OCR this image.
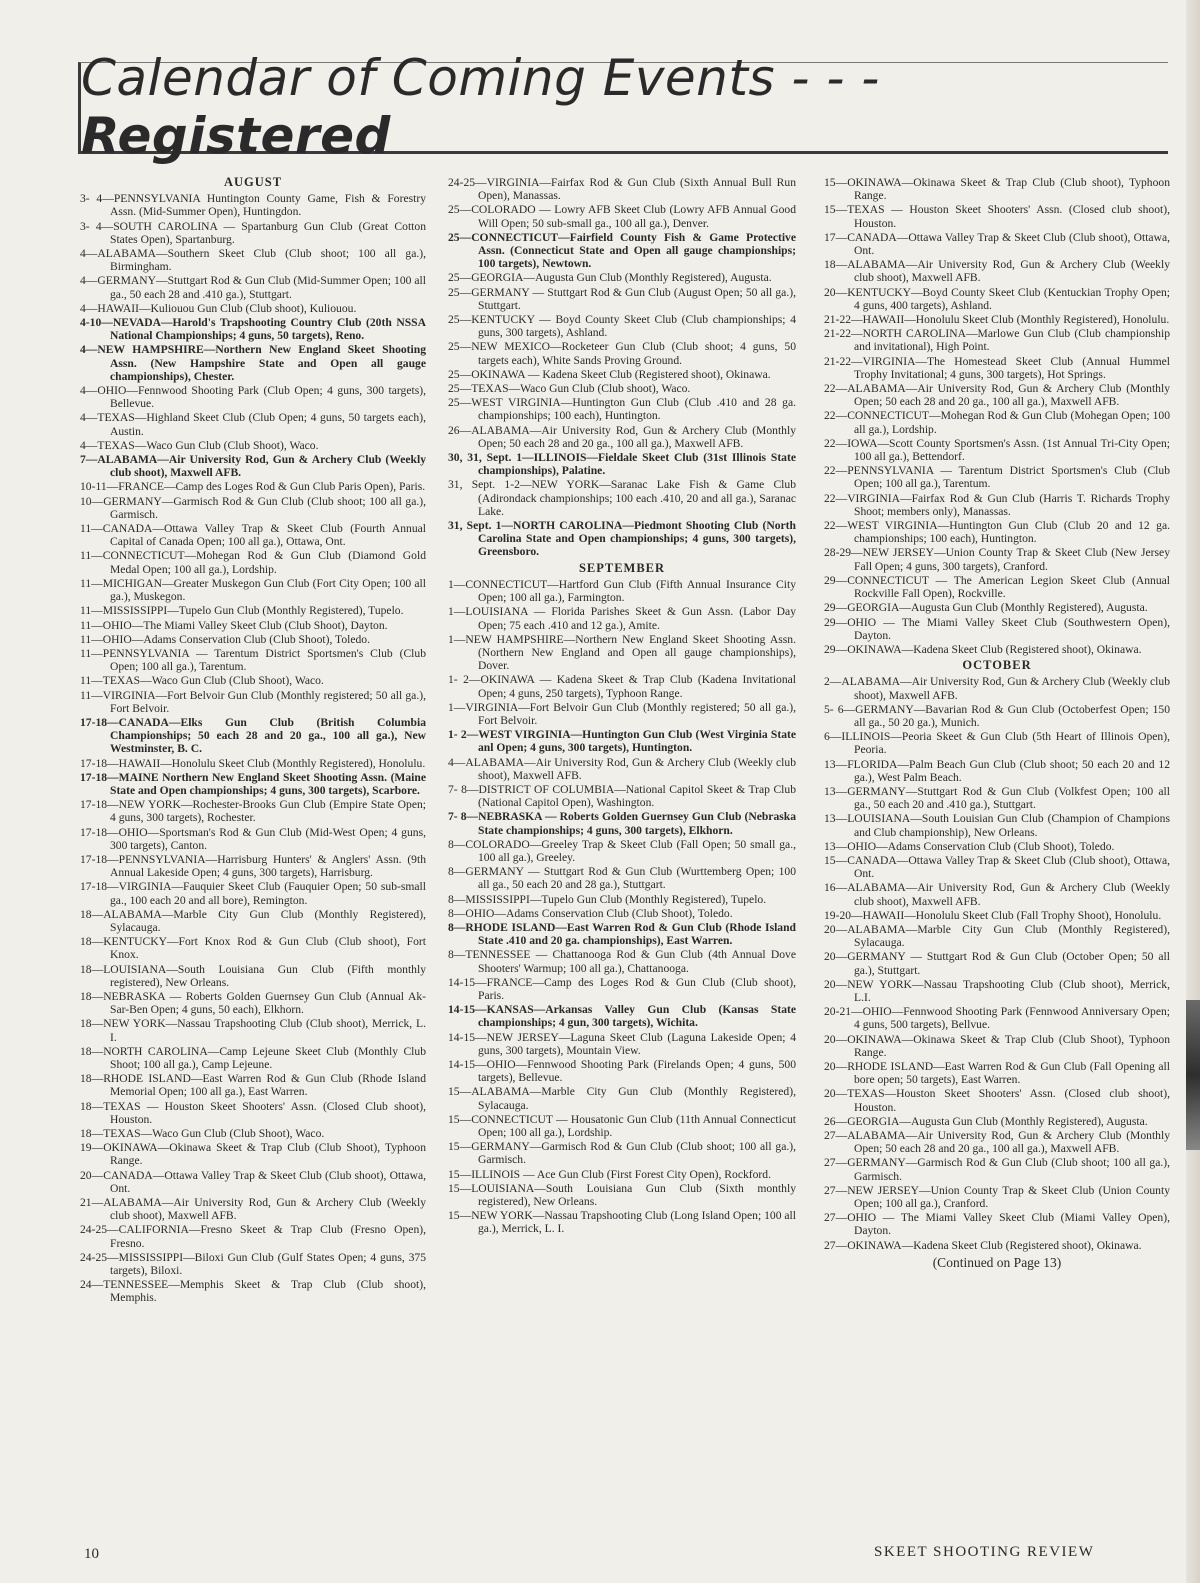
Calendar of Coming Events - - - Registered
AUGUST
3- 4—PENNSYLVANIA Huntington County Game, Fish & Forestry Assn. (Mid-Summer Open), Huntingdon.
3- 4—SOUTH CAROLINA — Spartanburg Gun Club (Great Cotton States Open), Spartanburg.
4—ALABAMA—Southern Skeet Club (Club shoot; 100 all ga.), Birmingham.
4—GERMANY—Stuttgart Rod & Gun Club (Mid-Summer Open; 100 all ga., 50 each 28 and .410 ga.), Stuttgart.
4—HAWAII—Kuliouou Gun Club (Club shoot), Kuliouou.
4-10—NEVADA—Harold's Trapshooting Country Club (20th NSSA National Championships; 4 guns, 50 targets), Reno.
4—NEW HAMPSHIRE—Northern New England Skeet Shooting Assn. (New Hampshire State and Open all gauge championships), Chester.
4—OHIO—Fennwood Shooting Park (Club Open; 4 guns, 300 targets), Bellevue.
4—TEXAS—Highland Skeet Club (Club Open; 4 guns, 50 targets each), Austin.
4—TEXAS—Waco Gun Club (Club Shoot), Waco.
7—ALABAMA—Air University Rod, Gun & Archery Club (Weekly club shoot), Maxwell AFB.
10-11—FRANCE—Camp des Loges Rod & Gun Club Paris Open), Paris.
10—GERMANY—Garmisch Rod & Gun Club (Club shoot; 100 all ga.), Garmisch.
11—CANADA—Ottawa Valley Trap & Skeet Club (Fourth Annual Capital of Canada Open; 100 all ga.), Ottawa, Ont.
11—CONNECTICUT—Mohegan Rod & Gun Club (Diamond Gold Medal Open; 100 all ga.), Lordship.
11—MICHIGAN—Greater Muskegon Gun Club (Fort City Open; 100 all ga.), Muskegon.
11—MISSISSIPPI—Tupelo Gun Club (Monthly Registered), Tupelo.
11—OHIO—The Miami Valley Skeet Club (Club Shoot), Dayton.
11—OHIO—Adams Conservation Club (Club Shoot), Toledo.
11—PENNSYLVANIA — Tarentum District Sportsmen's Club (Club Open; 100 all ga.), Tarentum.
11—TEXAS—Waco Gun Club (Club Shoot), Waco.
11—VIRGINIA—Fort Belvoir Gun Club (Monthly registered; 50 all ga.), Fort Belvoir.
17-18—CANADA—Elks Gun Club (British Columbia Championships; 50 each 28 and 20 ga., 100 all ga.), New Westminster, B. C.
17-18—HAWAII—Honolulu Skeet Club (Monthly Registered), Honolulu.
17-18—MAINE Northern New England Skeet Shooting Assn. (Maine State and Open championships; 4 guns, 300 targets), Scarbore.
17-18—NEW YORK—Rochester-Brooks Gun Club (Empire State Open; 4 guns, 300 targets), Rochester.
17-18—OHIO—Sportsman's Rod & Gun Club (Mid-West Open; 4 guns, 300 targets), Canton.
17-18—PENNSYLVANIA—Harrisburg Hunters' & Anglers' Assn. (9th Annual Lakeside Open; 4 guns, 300 targets), Harrisburg.
17-18—VIRGINIA—Fauquier Skeet Club (Fauquier Open; 50 sub-small ga., 100 each 20 and all bore), Remington.
18—ALABAMA—Marble City Gun Club (Monthly Registered), Sylacauga.
18—KENTUCKY—Fort Knox Rod & Gun Club (Club shoot), Fort Knox.
18—LOUISIANA—South Louisiana Gun Club (Fifth monthly registered), New Orleans.
18—NEBRASKA — Roberts Golden Guernsey Gun Club (Annual Ak-Sar-Ben Open; 4 guns, 50 each), Elkhorn.
18—NEW YORK—Nassau Trapshooting Club (Club shoot), Merrick, L. I.
18—NORTH CAROLINA—Camp Lejeune Skeet Club (Monthly Club Shoot; 100 all ga.), Camp Lejeune.
18—RHODE ISLAND—East Warren Rod & Gun Club (Rhode Island Memorial Open; 100 all ga.), East Warren.
18—TEXAS — Houston Skeet Shooters' Assn. (Closed Club shoot), Houston.
18—TEXAS—Waco Gun Club (Club Shoot), Waco.
19—OKINAWA—Okinawa Skeet & Trap Club (Club Shoot), Typhoon Range.
20—CANADA—Ottawa Valley Trap & Skeet Club (Club shoot), Ottawa, Ont.
21—ALABAMA—Air University Rod, Gun & Archery Club (Weekly club shoot), Maxwell AFB.
24-25—CALIFORNIA—Fresno Skeet & Trap Club (Fresno Open), Fresno.
24-25—MISSISSIPPI—Biloxi Gun Club (Gulf States Open; 4 guns, 375 targets), Biloxi.
24—TENNESSEE—Memphis Skeet & Trap Club (Club shoot), Memphis.
24-25—VIRGINIA—Fairfax Rod & Gun Club (Sixth Annual Bull Run Open), Manassas.
25—COLORADO — Lowry AFB Skeet Club (Lowry AFB Annual Good Will Open; 50 sub-small ga., 100 all ga.), Denver.
25—CONNECTICUT—Fairfield County Fish & Game Protective Assn. (Connecticut State and Open all gauge championships; 100 targets), Newtown.
25—GEORGIA—Augusta Gun Club (Monthly Registered), Augusta.
25—GERMANY — Stuttgart Rod & Gun Club (August Open; 50 all ga.), Stuttgart.
25—KENTUCKY — Boyd County Skeet Club (Club championships; 4 guns, 300 targets), Ashland.
25—NEW MEXICO—Rocketeer Gun Club (Club shoot; 4 guns, 50 targets each), White Sands Proving Ground.
25—OKINAWA — Kadena Skeet Club (Registered shoot), Okinawa.
25—TEXAS—Waco Gun Club (Club shoot), Waco.
25—WEST VIRGINIA—Huntington Gun Club (Club .410 and 28 ga. championships; 100 each), Huntington.
26—ALABAMA—Air University Rod, Gun & Archery Club (Monthly Open; 50 each 28 and 20 ga., 100 all ga.), Maxwell AFB.
30, 31, Sept. 1—ILLINOIS—Fieldale Skeet Club (31st Illinois State championships), Palatine.
31, Sept. 1-2—NEW YORK—Saranac Lake Fish & Game Club (Adirondack championships; 100 each .410, 20 and all ga.), Saranac Lake.
31, Sept. 1—NORTH CAROLINA—Piedmont Shooting Club (North Carolina State and Open championships; 4 guns, 300 targets), Greensboro.
SEPTEMBER
1—CONNECTICUT—Hartford Gun Club (Fifth Annual Insurance City Open; 100 all ga.), Farmington.
1—LOUISIANA — Florida Parishes Skeet & Gun Assn. (Labor Day Open; 75 each .410 and 12 ga.), Amite.
1—NEW HAMPSHIRE—Northern New England Skeet Shooting Assn. (Northern New England and Open all gauge championships), Dover.
1- 2—OKINAWA — Kadena Skeet & Trap Club (Kadena Invitational Open; 4 guns, 250 targets), Typhoon Range.
1—VIRGINIA—Fort Belvoir Gun Club (Monthly registered; 50 all ga.), Fort Belvoir.
1- 2—WEST VIRGINIA—Huntington Gun Club (West Virginia State anl Open; 4 guns, 300 targets), Huntington.
4—ALABAMA—Air University Rod, Gun & Archery Club (Weekly club shoot), Maxwell AFB.
7- 8—DISTRICT OF COLUMBIA—National Capitol Skeet & Trap Club (National Capitol Open), Washington.
7- 8—NEBRASKA — Roberts Golden Guernsey Gun Club (Nebraska State championships; 4 guns, 300 targets), Elkhorn.
8—COLORADO—Greeley Trap & Skeet Club (Fall Open; 50 small ga., 100 all ga.), Greeley.
8—GERMANY — Stuttgart Rod & Gun Club (Wurttemberg Open; 100 all ga., 50 each 20 and 28 ga.), Stuttgart.
8—MISSISSIPPI—Tupelo Gun Club (Monthly Registered), Tupelo.
8—OHIO—Adams Conservation Club (Club Shoot), Toledo.
8—RHODE ISLAND—East Warren Rod & Gun Club (Rhode Island State .410 and 20 ga. championships), East Warren.
8—TENNESSEE — Chattanooga Rod & Gun Club (4th Annual Dove Shooters' Warmup; 100 all ga.), Chattanooga.
14-15—FRANCE—Camp des Loges Rod & Gun Club (Club shoot), Paris.
14-15—KANSAS—Arkansas Valley Gun Club (Kansas State championships; 4 gun, 300 targets), Wichita.
14-15—NEW JERSEY—Laguna Skeet Club (Laguna Lakeside Open; 4 guns, 300 targets), Mountain View.
14-15—OHIO—Fennwood Shooting Park (Firelands Open; 4 guns, 500 targets), Bellevue.
15—ALABAMA—Marble City Gun Club (Monthly Registered), Sylacauga.
15—CONNECTICUT — Housatonic Gun Club (11th Annual Connecticut Open; 100 all ga.), Lordship.
15—GERMANY—Garmisch Rod & Gun Club (Club shoot; 100 all ga.), Garmisch.
15—ILLINOIS — Ace Gun Club (First Forest City Open), Rockford.
15—LOUISIANA—South Louisiana Gun Club (Sixth monthly registered), New Orleans.
15—NEW YORK—Nassau Trapshooting Club (Long Island Open; 100 all ga.), Merrick, L. I.
15—OKINAWA—Okinawa Skeet & Trap Club (Club shoot), Typhoon Range.
15—TEXAS — Houston Skeet Shooters' Assn. (Closed club shoot), Houston.
17—CANADA—Ottawa Valley Trap & Skeet Club (Club shoot), Ottawa, Ont.
18—ALABAMA—Air University Rod, Gun & Archery Club (Weekly club shoot), Maxwell AFB.
20—KENTUCKY—Boyd County Skeet Club (Kentuckian Trophy Open; 4 guns, 400 targets), Ashland.
21-22—HAWAII—Honolulu Skeet Club (Monthly Registered), Honolulu.
21-22—NORTH CAROLINA—Marlowe Gun Club (Club championship and invitational), High Point.
21-22—VIRGINIA—The Homestead Skeet Club (Annual Hummel Trophy Invitational; 4 guns, 300 targets), Hot Springs.
22—ALABAMA—Air University Rod, Gun & Archery Club (Monthly Open; 50 each 28 and 20 ga., 100 all ga.), Maxwell AFB.
22—CONNECTICUT—Mohegan Rod & Gun Club (Mohegan Open; 100 all ga.), Lordship.
22—IOWA—Scott County Sportsmen's Assn. (1st Annual Tri-City Open; 100 all ga.), Bettendorf.
22—PENNSYLVANIA — Tarentum District Sportsmen's Club (Club Open; 100 all ga.), Tarentum.
22—VIRGINIA—Fairfax Rod & Gun Club (Harris T. Richards Trophy Shoot; members only), Manassas.
22—WEST VIRGINIA—Huntington Gun Club (Club 20 and 12 ga. championships; 100 each), Huntington.
28-29—NEW JERSEY—Union County Trap & Skeet Club (New Jersey Fall Open; 4 guns, 300 targets), Cranford.
29—CONNECTICUT — The American Legion Skeet Club (Annual Rockville Fall Open), Rockville.
29—GEORGIA—Augusta Gun Club (Monthly Registered), Augusta.
29—OHIO — The Miami Valley Skeet Club (Southwestern Open), Dayton.
29—OKINAWA—Kadena Skeet Club (Registered shoot), Okinawa.
OCTOBER
2—ALABAMA—Air University Rod, Gun & Archery Club (Weekly club shoot), Maxwell AFB.
5- 6—GERMANY—Bavarian Rod & Gun Club (Octoberfest Open; 150 all ga., 50 20 ga.), Munich.
6—ILLINOIS—Peoria Skeet & Gun Club (5th Heart of Illinois Open), Peoria.
13—FLORIDA—Palm Beach Gun Club (Club shoot; 50 each 20 and 12 ga.), West Palm Beach.
13—GERMANY—Stuttgart Rod & Gun Club (Volkfest Open; 100 all ga., 50 each 20 and .410 ga.), Stuttgart.
13—LOUISIANA—South Louisian Gun Club (Champion of Champions and Club championship), New Orleans.
13—OHIO—Adams Conservation Club (Club Shoot), Toledo.
15—CANADA—Ottawa Valley Trap & Skeet Club (Club shoot), Ottawa, Ont.
16—ALABAMA—Air University Rod, Gun & Archery Club (Weekly club shoot), Maxwell AFB.
19-20—HAWAII—Honolulu Skeet Club (Fall Trophy Shoot), Honolulu.
20—ALABAMA—Marble City Gun Club (Monthly Registered), Sylacauga.
20—GERMANY — Stuttgart Rod & Gun Club (October Open; 50 all ga.), Stuttgart.
20—NEW YORK—Nassau Trapshooting Club (Club shoot), Merrick, L.I.
20-21—OHIO—Fennwood Shooting Park (Fennwood Anniversary Open; 4 guns, 500 targets), Bellvue.
20—OKINAWA—Okinawa Skeet & Trap Club (Club Shoot), Typhoon Range.
20—RHODE ISLAND—East Warren Rod & Gun Club (Fall Opening all bore open; 50 targets), East Warren.
20—TEXAS—Houston Skeet Shooters' Assn. (Closed club shoot), Houston.
26—GEORGIA—Augusta Gun Club (Monthly Registered), Augusta.
27—ALABAMA—Air University Rod, Gun & Archery Club (Monthly Open; 50 each 28 and 20 ga., 100 all ga.), Maxwell AFB.
27—GERMANY—Garmisch Rod & Gun Club (Club shoot; 100 all ga.), Garmisch.
27—NEW JERSEY—Union County Trap & Skeet Club (Union County Open; 100 all ga.), Cranford.
27—OHIO — The Miami Valley Skeet Club (Miami Valley Open), Dayton.
27—OKINAWA—Kadena Skeet Club (Registered shoot), Okinawa.
(Continued on Page 13)
10	SKEET SHOOTING REVIEW
